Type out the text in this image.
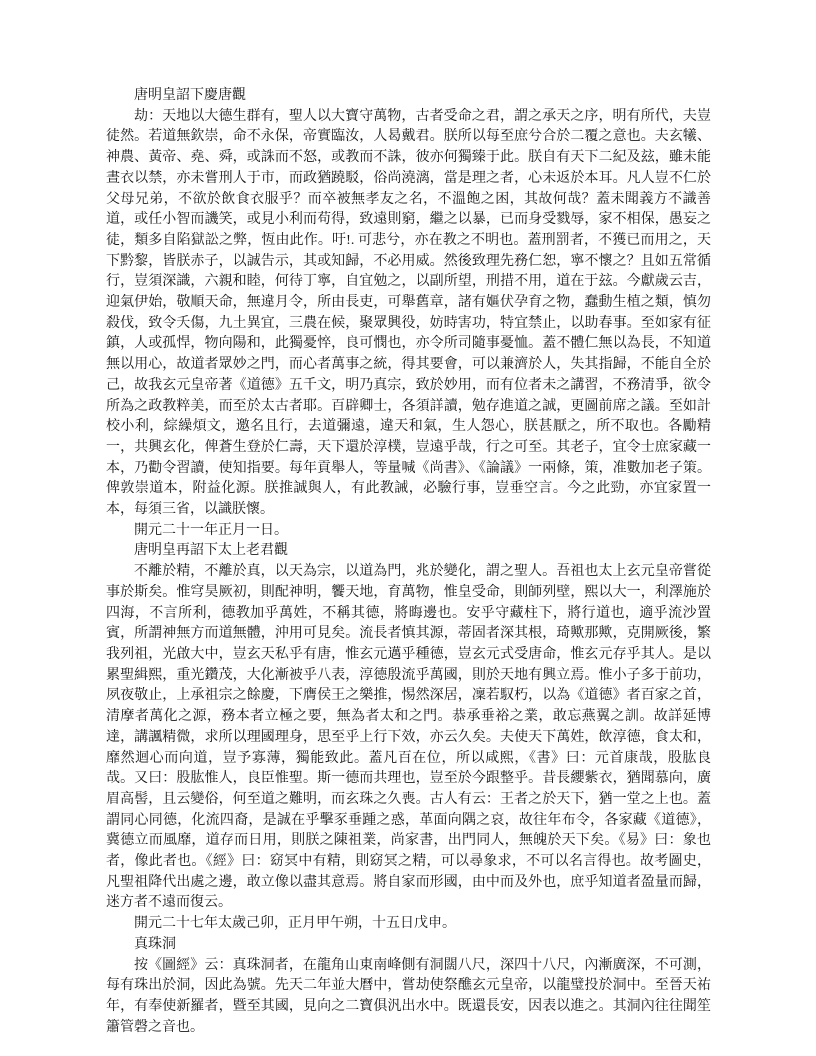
唐明皇詔下慶唐觀

劫：天地以大德生群有，聖人以大寶守萬物，古者受命之君，謂之承天之序，明有所代，夫豈徒然。若道無欽崇，命不永保，帝實臨汝，人曷戴君。朕所以每至庶兮合於二覆之意也。夫玄犧、神農、黃帝、堯、舜，或誅而不怒，或教而不誅，彼亦何獨臻于此。朕自有天下二紀及玆，雖未能晝衣以禁，亦未嘗刑人于市，而政猶蹺駁，俗尚澆漓，當是理之者，心未返於本耳。凡人豈不仁於父母兄弟，不欲於飲食衣服乎？而卒被無孝友之名，不溫飽之困，其故何哉？蓋未聞義方不識善道，或任小智而譏笑，或見小利而苟得，致遠則窮，繼之以暴，已而身受戮辱，家不相保，愚妄之徒，類多自陷獄訟之弊，恆由此作。吁!. 可悲兮，亦在教之不明也。蓋刑罰者，不獲已而用之，天下黔黎，皆朕赤子，以誠告示，其或知歸，不必用威。然後致理先務仁恕，寧不懷之？且如五常循行，豈須深識，六親和睦，何待丁寧，自宜勉之，以副所望，刑措不用，道在于玆。今獻歲云吉，迎氣伊始，敬順天命，無違月令，所由長吏，可舉舊章，諸有嫗伏孕育之物，蠢動生植之類，慎勿殺伐，致令夭傷，九土異宜，三農在候，聚眾興役，妨時害功，特宜禁止，以助春事。至如家有征鎮，人或孤悍，物向陽和，此獨憂悴，良可憫也，亦令所司隨事憂恤。蓋不體仁無以為長，不知道無以用心，故道者眾妙之門，而心者萬事之統，得其要會，可以兼濟於人，失其指歸，不能自全於己，故我玄元皇帝著《道德》五千文，明乃真宗，致於妙用，而有位者未之講習，不務清爭，欲令所為之政教粹美，而至於太古者耶。百辟卿士，各須詳讀，勉存進道之誠，更圖前席之議。至如計校小利，綜繰煩文，邀名且行，去道彌遠，違天和氣，生人怨心，朕甚厭之，所不取也。各勵精一，共興玄化，俾蒼生登於仁壽，天下還於淳樸，豈遠乎哉，行之可至。其老子，宜令士庶家藏一本，乃勸令習讀，使知指要。每年貢舉人，等量喊《尚書》、《論議》一兩條，策，准數加老子策。俾敦崇道本，附益化源。朕推誠與人，有此教誡，必驗行事，豈垂空言。今之此勁，亦宜家置一本，每須三省，以識朕懷。

開元二十一年正月一日。

唐明皇再詔下太上老君觀

不離於精，不離於真，以天為宗，以道為門，兆於變化，謂之聖人。吾祖也太上玄元皇帝嘗從事於斯矣。惟穹昊厥初，則配神明，饗天地，育萬物，惟皇受命，則師列壁，熙以大一，利澤施於四海，不言所利，德教加乎萬姓，不稱其德，將晦邊也。安乎守藏柱下，將行道也，適乎流沙置賓，所謂神無方而道無體，沖用可見矣。流長者慎其源，蒂固者深其根，琦歟那歟，克開厥後，繁我列祖，光啟大中，豈玄天私乎有唐，惟玄元邁乎種德，豈玄元式受唐命，惟玄元存乎其人。是以累聖緝熙，重光鑽茂，大化漸被乎八表，淳德殷流乎萬國，則於天地有興立焉。惟小子多于前功，夙夜敬止，上承祖宗之餘慶，下膺侯王之樂推，惕然深居，凜若馭朽，以為《道德》者百家之首，清摩者萬化之源，務本者立極之要，無為者太和之門。恭承垂裕之業，敢忘燕翼之訓。故詳延博達，講諷精微，求所以理國理身，思至乎上行下效，亦云久矣。夫使天下萬姓，飲淳德，食太和，靡然迴心而向道，豈予寡薄，獨能致此。蓋凡百在位，所以咸熙，《書》曰：元首康哉，股肱良哉。又曰：股肱惟人，良臣惟聖。斯一德而共理也，豈至於今跟整乎。昔長纓紫衣，猶聞慕向，廣眉高髻，且云變俗，何至道之難明，而玄珠之久喪。古人有云：王者之於天下，猶一堂之上也。蓋謂同心同德，化流四裔，是誠在乎擊豕垂踵之惑，革面向隅之哀，故往年布令，各家藏《道德》，冀德立而風靡，道存而日用，則朕之陳祖業，尚家書，出門同人，無魄於天下矣。《易》曰：象也者，像此者也。《經》曰：窈冥中有精，則窈冥之精，可以尋象求，不可以名言得也。故考圖史，凡聖祖降代出處之邊，敢立像以盡其意焉。將自家而形國，由中而及外也，庶乎知道者盈量而歸，迷方者不遠而復云。

開元二十七年太歲己卯，正月甲午朔，十五日戊申。

真珠洞

按《圖經》云：真珠洞者，在龍角山東南峰側有洞闊八尺，深四十八尺，內漸廣深，不可測，每有珠出於洞，因此為號。先天二年並大曆中，嘗劫使祭醮玄元皇帝，以龍璧投於洞中。至晉天祐年，有奉使新羅者，暨至其國，見向之二寶俱汎出水中。既還長安，因表以進之。其洞內往往聞笙簫管磬之音也。
